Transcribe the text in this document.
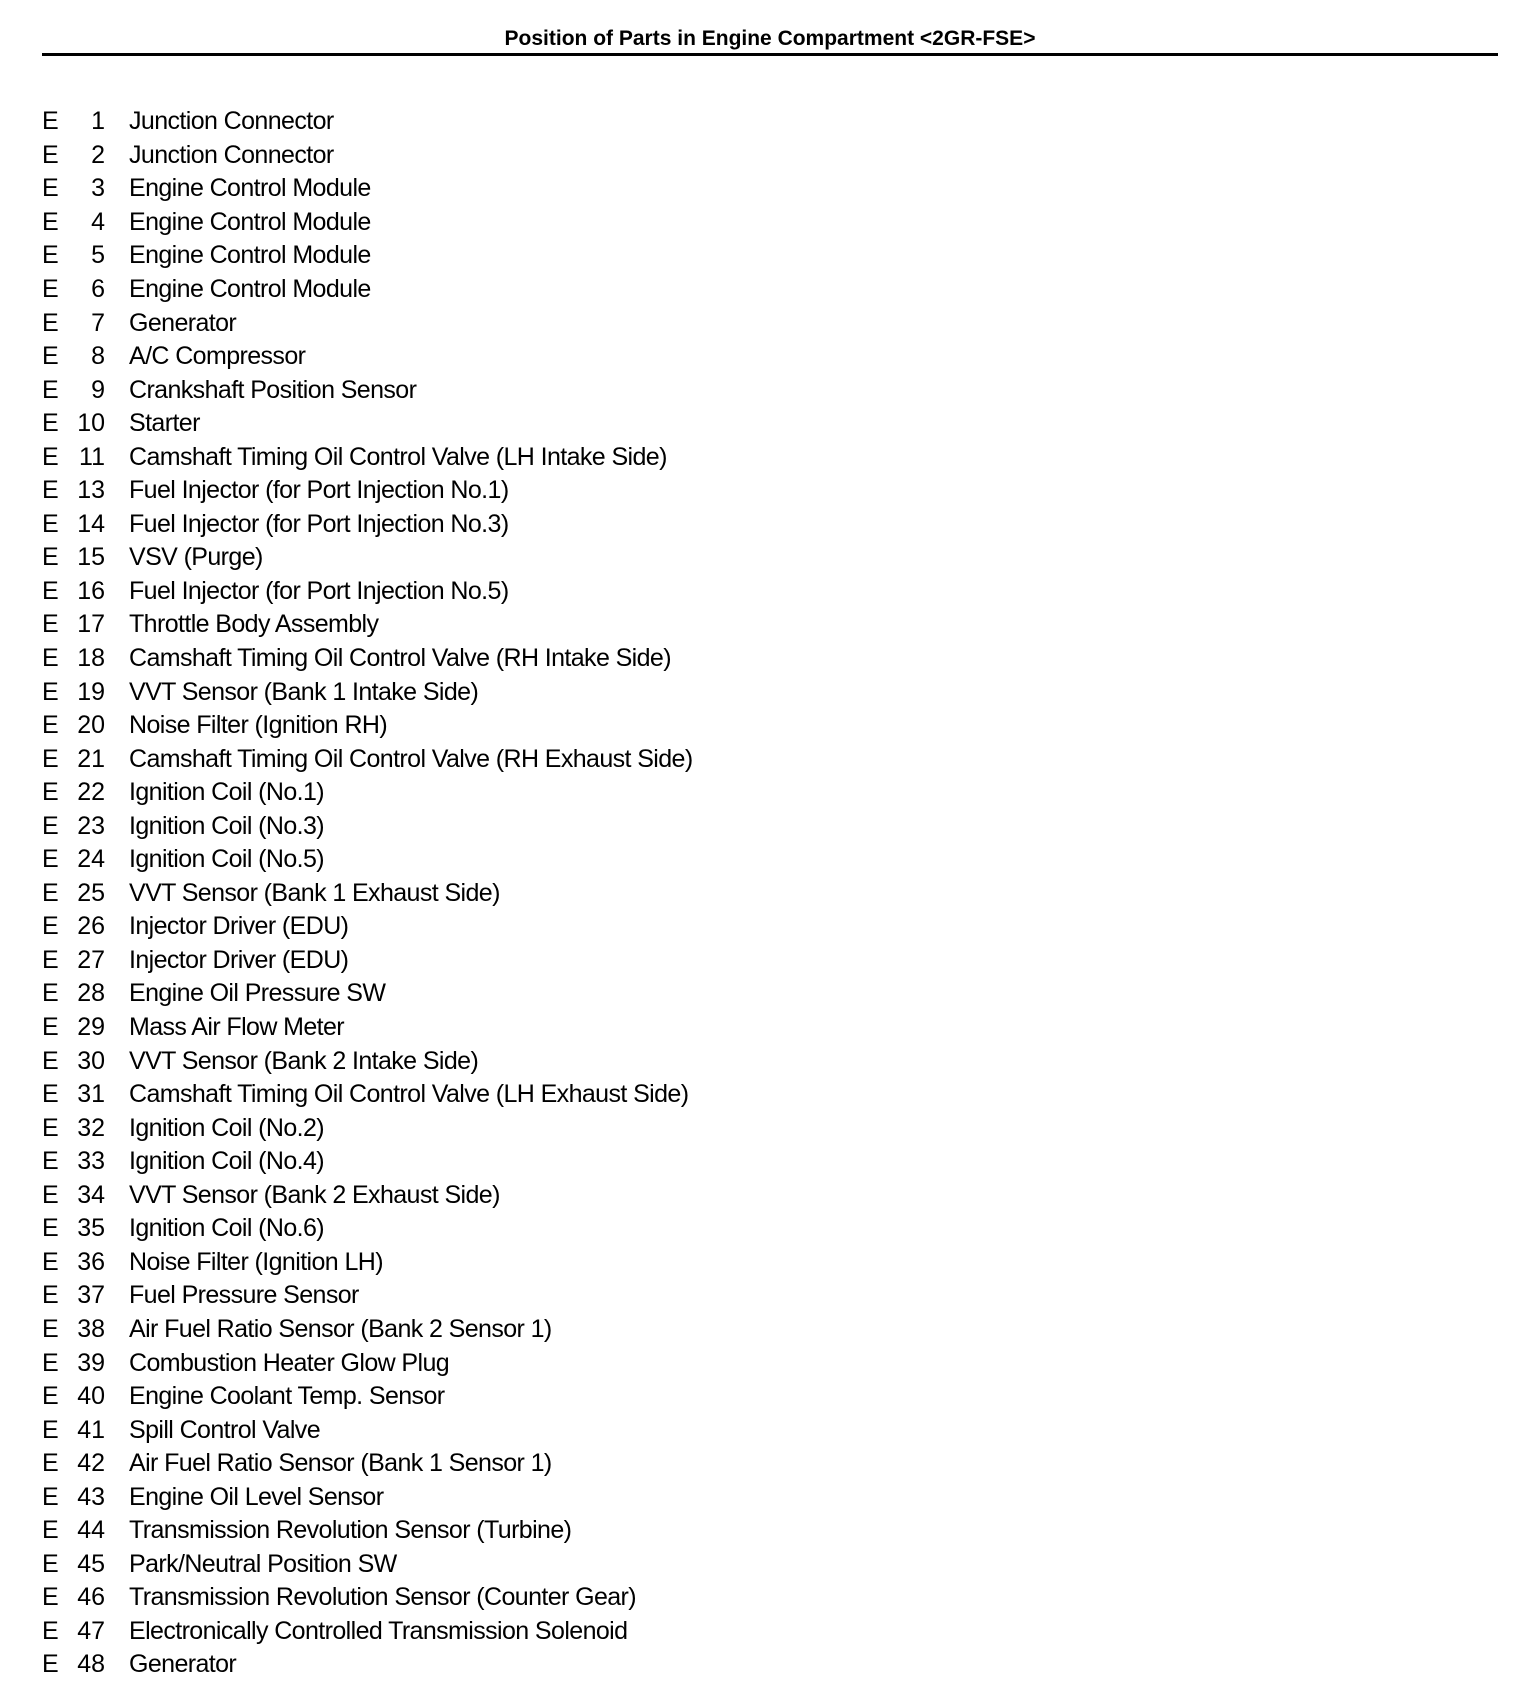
Position of Parts in Engine Compartment <2GR-FSE>
E	1 Junction Connector
E	2 Junction Connector
E	3 Engine Control Module
E	4 Engine Control Module
E	5 Engine Control Module
E	6 Engine Control Module
E	7 Generator
E	8 A/C Compressor
E	9 Crankshaft Position Sensor
E 10 Starter
E 11 Camshaft Timing Oil Control Valve (LH Intake Side)
E 13 Fuel Injector (for Port Injection No.1)
E 14 Fuel Injector (for Port Injection No.3)
E 15 VSV (Purge)
E 16 Fuel Injector (for Port Injection No.5)
E 17 Throttle Body Assembly
E 18 Camshaft Timing Oil Control Valve (RH Intake Side)
E 19 VVT Sensor (Bank 1 Intake Side)
E 20 Noise Filter (Ignition RH)
E 21 Camshaft Timing Oil Control Valve (RH Exhaust Side)
E 22 Ignition Coil (No.1)
E 23 Ignition Coil (No.3)
E 24 Ignition Coil (No.5)
E 25 VVT Sensor (Bank 1 Exhaust Side)
E 26 Injector Driver (EDU)
E 27 Injector Driver (EDU)
E 28 Engine Oil Pressure SW
E 29 Mass Air Flow Meter
E 30 VVT Sensor (Bank 2 Intake Side)
E 31 Camshaft Timing Oil Control Valve (LH Exhaust Side)
E 32 Ignition Coil (No.2)
E 33 Ignition Coil (No.4)
E 34 VVT Sensor (Bank 2 Exhaust Side)
E 35 Ignition Coil (No.6)
E 36 Noise Filter (Ignition LH)
E 37 Fuel Pressure Sensor
E 38 Air Fuel Ratio Sensor (Bank 2 Sensor 1)
E 39 Combustion Heater Glow Plug
E 40 Engine Coolant Temp. Sensor
E 41 Spill Control Valve
E 42 Air Fuel Ratio Sensor (Bank 1 Sensor 1)
E 43 Engine Oil Level Sensor
E 44 Transmission Revolution Sensor (Turbine)
E 45 Park/Neutral Position SW
E 46 Transmission Revolution Sensor (Counter Gear)
E 47 Electronically Controlled Transmission Solenoid
E 48 Generator
